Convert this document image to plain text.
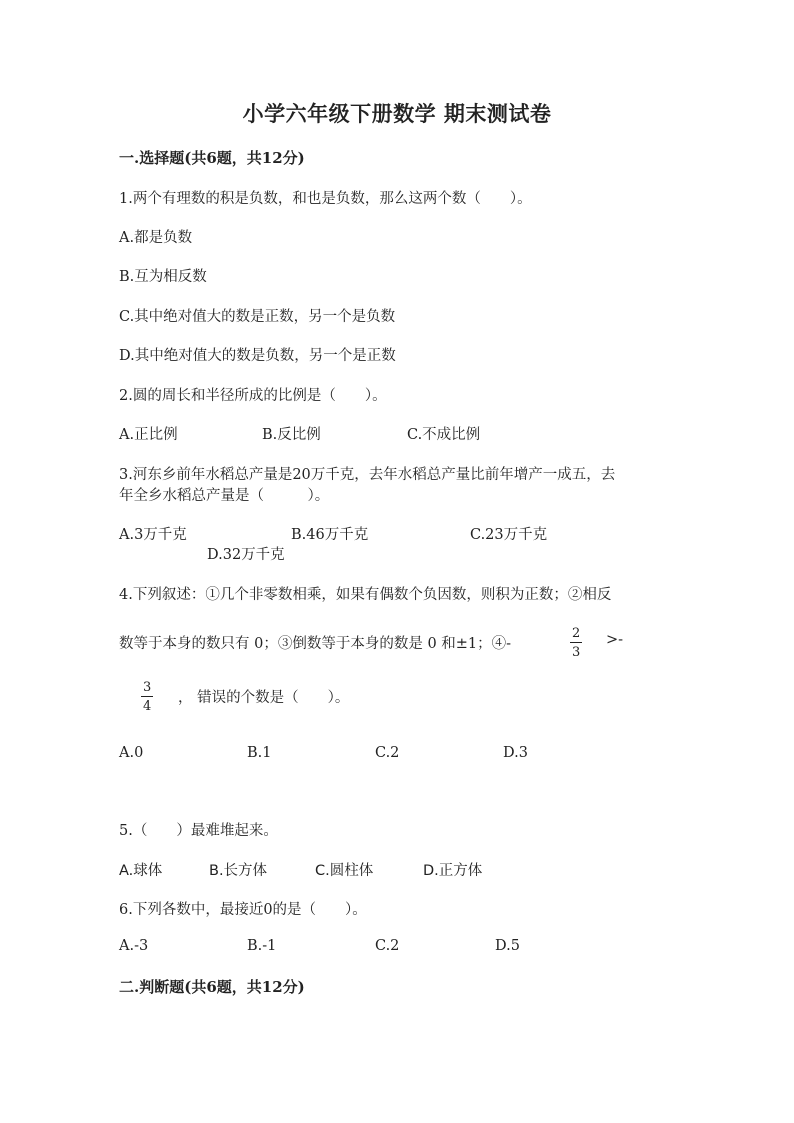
小学六年级下册数学 期末测试卷
一.选择题(共6题，共12分)
1.两个有理数的积是负数，和也是负数，那么这两个数（　　）。
A.都是负数
B.互为相反数
C.其中绝对值大的数是正数，另一个是负数
D.其中绝对值大的数是负数，另一个是正数
2.圆的周长和半径所成的比例是（　　）。
A.正比例	B.反比例	C.不成比例
3.河东乡前年水稻总产量是20万千克，去年水稻总产量比前年增产一成五，去
年全乡水稻总产量是（　　　）。
A.3万千克	B.46万千克	C.23万千克
D.32万千克
4.下列叙述：①几个非零数相乘，如果有偶数个负因数，则积为正数；②相反
数等于本身的数只有 0；③倒数等于本身的数是 0 和±1；④-
2
3
>-
3
4
， 错误的个数是（　　）。
A.0	B.1	C.2	D.3
5.（　　）最难堆起来。
A.球体	B.长方体	C.圆柱体	D.正方体
6.下列各数中，最接近0的是（　　）。
A.-3	B.-1	C.2	D.5
二.判断题(共6题，共12分)
